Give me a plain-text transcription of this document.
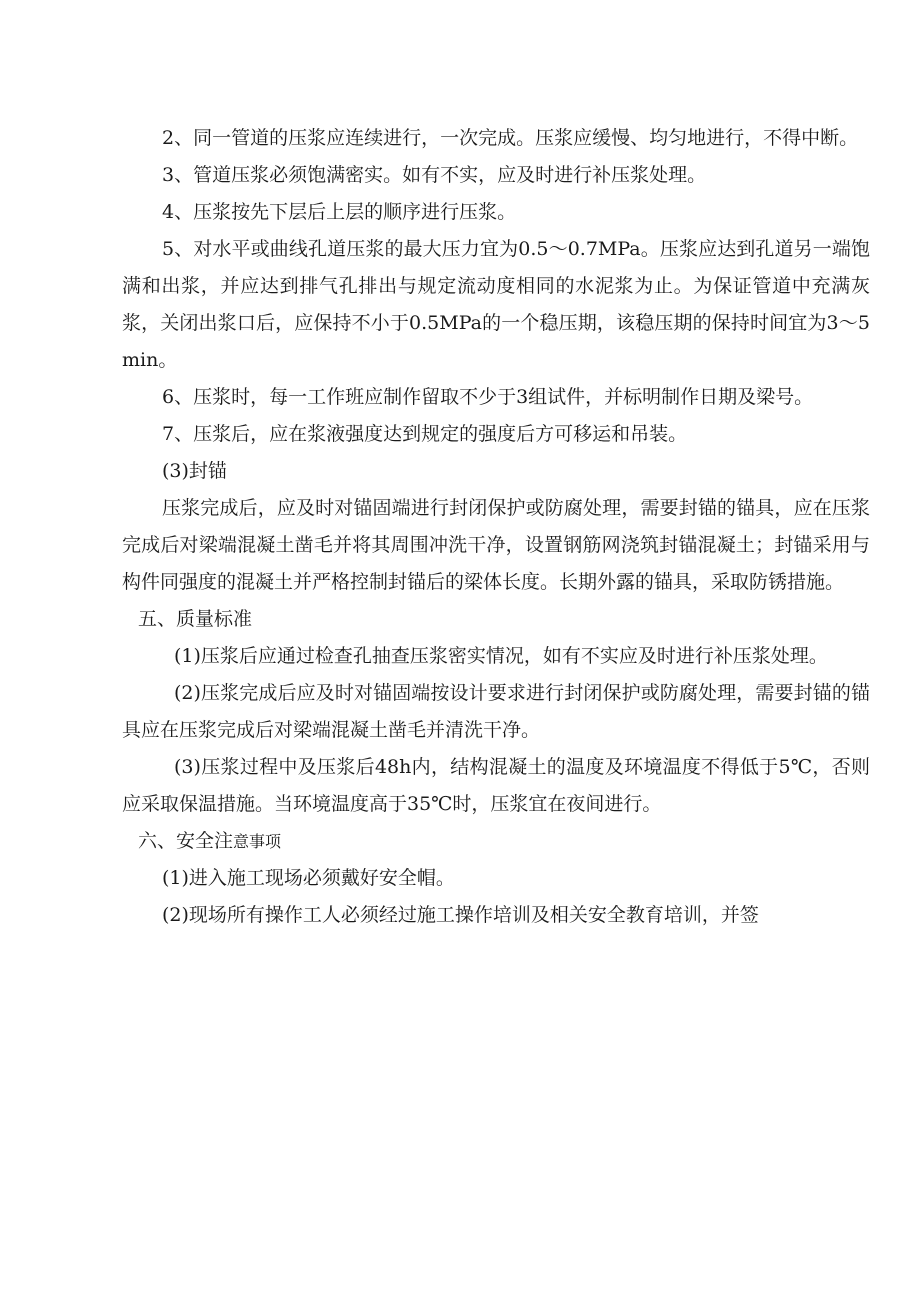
2、同一管道的压浆应连续进行，一次完成。压浆应缓慢、均匀地进行，不得中断。

3、管道压浆必须饱满密实。如有不实，应及时进行补压浆处理。

4、压浆按先下层后上层的顺序进行压浆。

5、对水平或曲线孔道压浆的最大压力宜为0.5～0.7MPa。压浆应达到孔道另一端饱满和出浆，并应达到排气孔排出与规定流动度相同的水泥浆为止。为保证管道中充满灰浆，关闭出浆口后，应保持不小于0.5MPa的一个稳压期，该稳压期的保持时间宜为3～5min。

6、压浆时，每一工作班应制作留取不少于3组试件，并标明制作日期及梁号。

7、压浆后，应在浆液强度达到规定的强度后方可移运和吊装。

(3)封锚

压浆完成后，应及时对锚固端进行封闭保护或防腐处理，需要封锚的锚具，应在压浆完成后对梁端混凝土凿毛并将其周围冲洗干净，设置钢筋网浇筑封锚混凝土；封锚采用与构件同强度的混凝土并严格控制封锚后的梁体长度。长期外露的锚具，采取防锈措施。

五、质量标准

(1)压浆后应通过检查孔抽查压浆密实情况，如有不实应及时进行补压浆处理。

(2)压浆完成后应及时对锚固端按设计要求进行封闭保护或防腐处理，需要封锚的锚具应在压浆完成后对梁端混凝土凿毛并清洗干净。

(3)压浆过程中及压浆后48h内，结构混凝土的温度及环境温度不得低于5℃，否则应采取保温措施。当环境温度高于35℃时，压浆宜在夜间进行。

六、安全注意事项

(1)进入施工现场必须戴好安全帽。

(2)现场所有操作工人必须经过施工操作培训及相关安全教育培训，并签
